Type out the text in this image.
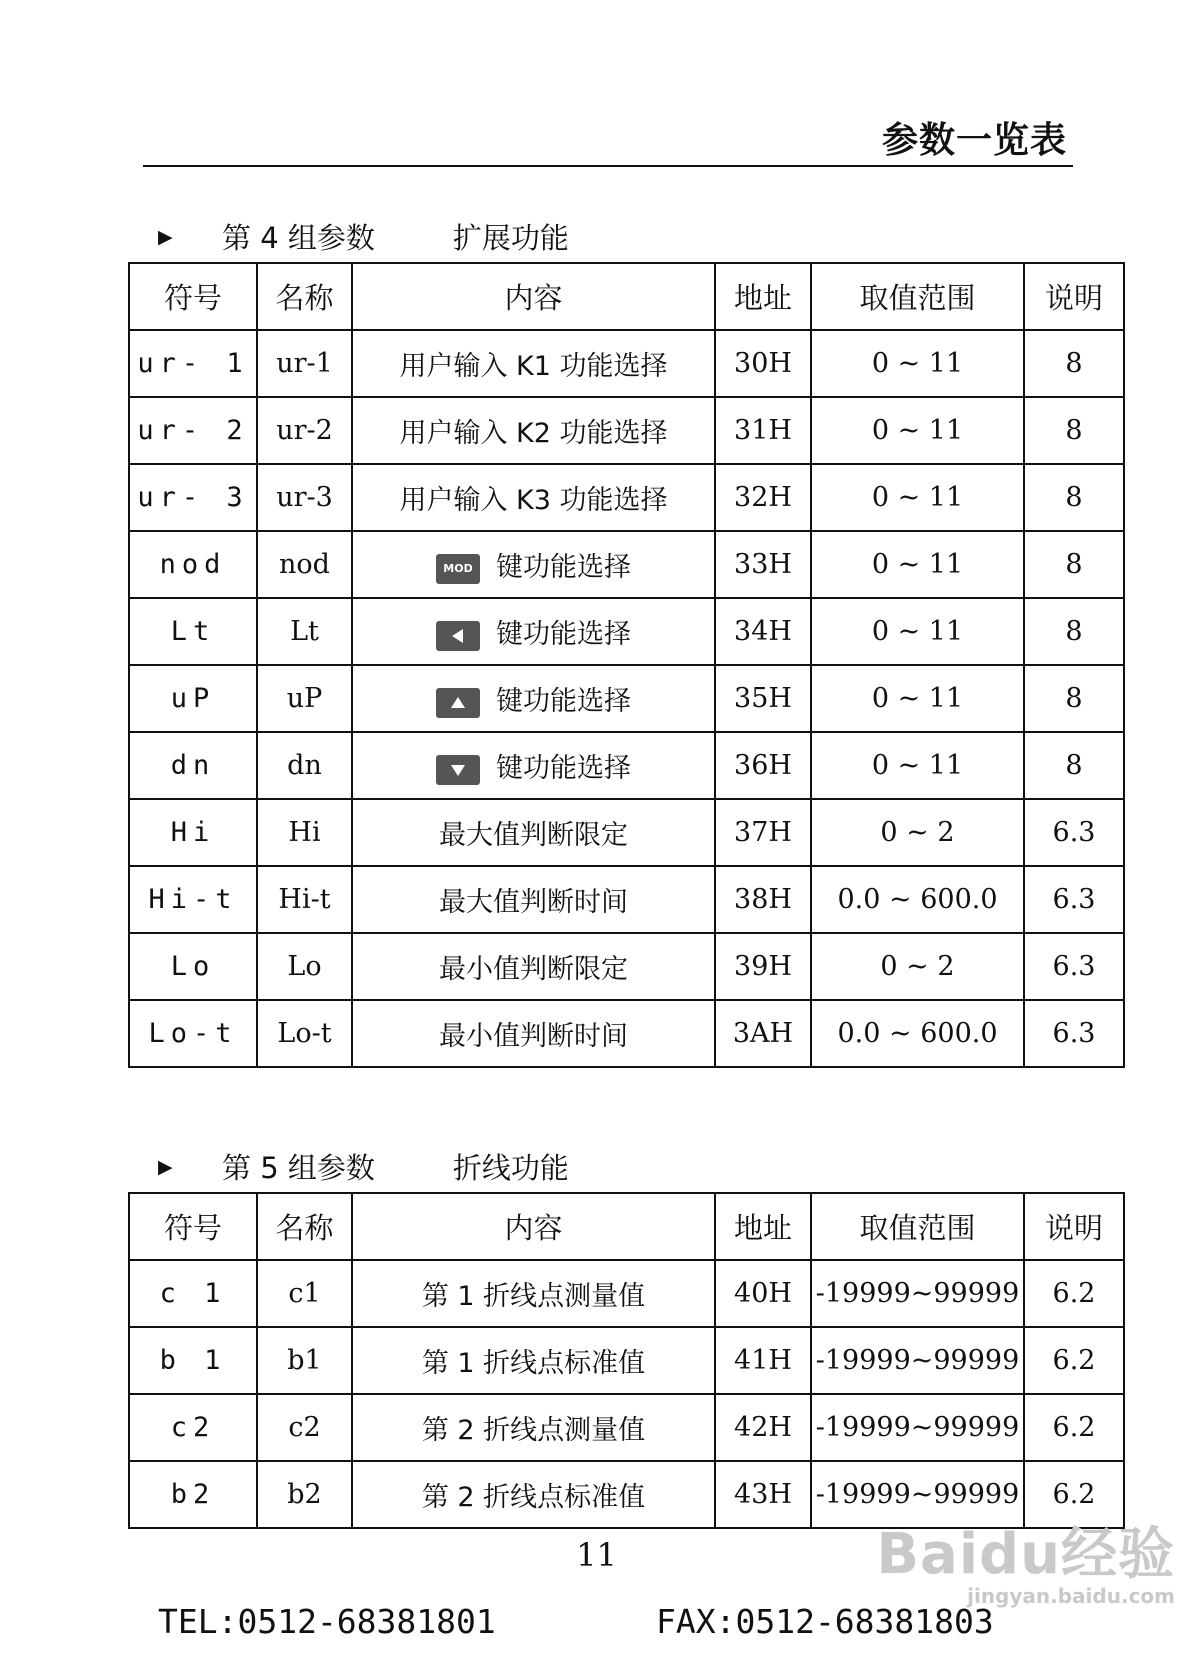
参数一览表
▶	第 4 组参数	扩展功能
符号	名称	内容	地址	取值范围	说明
ur- 1	ur-1	用户输入 K1 功能选择	30H	0 ~ 11	8
ur- 2	ur-2	用户输入 K2 功能选择	31H	0 ~ 11	8
ur- 3	ur-3	用户输入 K3 功能选择	32H	0 ~ 11	8
nod	nod	MOD 键功能选择	33H	0 ~ 11	8
Lt	Lt	键功能选择	34H	0 ~ 11	8
uP	uP	键功能选择	35H	0 ~ 11	8
dn	dn	键功能选择	36H	0 ~ 11	8
Hi	Hi	最大值判断限定	37H	0 ~ 2	6.3
Hi-t	Hi-t	最大值判断时间	38H	0.0 ~ 600.0	6.3
Lo	Lo	最小值判断限定	39H	0 ~ 2	6.3
Lo-t	Lo-t	最小值判断时间	3AH	0.0 ~ 600.0	6.3
▶	第 5 组参数	折线功能
符号	名称	内容	地址	取值范围	说明
c 1	c1	第 1 折线点测量值	40H	-19999~99999	6.2
b 1	b1	第 1 折线点标准值	41H	-19999~99999	6.2
c2	c2	第 2 折线点测量值	42H	-19999~99999	6.2
b2	b2	第 2 折线点标准值	43H	-19999~99999	6.2
11
TEL:0512-68381801	FAX:0512-68381803
Baidu经验
jingyan.baidu.com
